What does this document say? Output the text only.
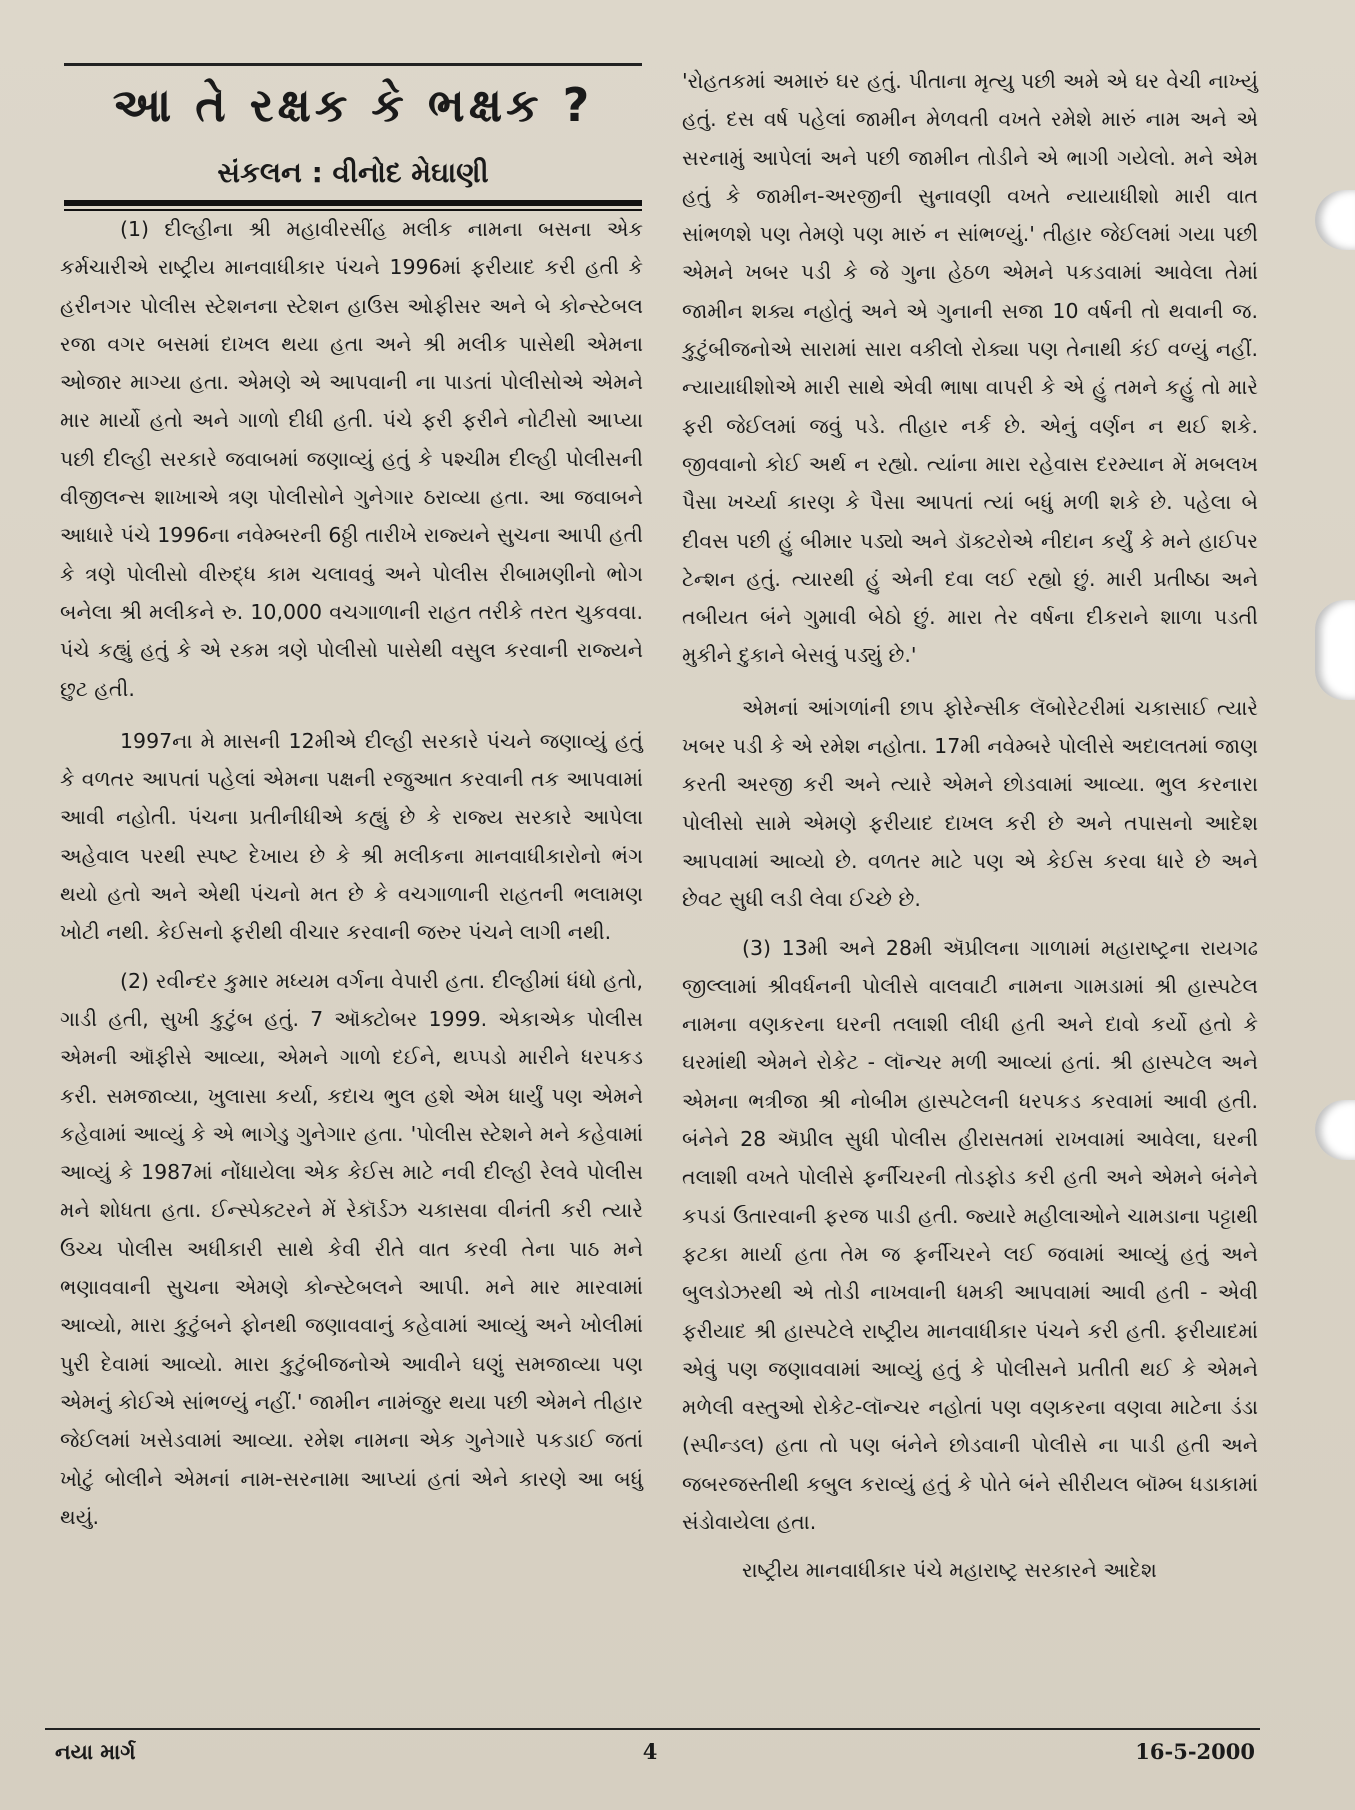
આ તે રક્ષક કે ભક્ષક ?
સંકલન : વીનોદ મેઘાણી

(1) દીલ્હીના શ્રી મહાવીરસીંહ મલીક નામના બસના એક કર્મચારીએ રાષ્ટ્રીય માનવાધીકાર પંચને 1996માં ફરીયાદ કરી હતી કે હરીનગર પોલીસ સ્ટેશનના સ્ટેશન હાઉસ ઓફીસર અને બે કોન્સ્ટેબલ રજા વગર બસમાં દાખલ થયા હતા અને શ્રી મલીક પાસેથી એમના ઓજાર માગ્યા હતા. એમણે એ આપવાની ના પાડતાં પોલીસોએ એમને માર માર્યો હતો અને ગાળો દીધી હતી. પંચે ફરી ફરીને નોટીસો આપ્યા પછી દીલ્હી સરકારે જવાબમાં જણાવ્યું હતું કે પશ્ચીમ દીલ્હી પોલીસની વીજીલન્સ શાખાએ ત્રણ પોલીસોને ગુનેગાર ઠરાવ્યા હતા. આ જવાબને આધારે પંચે 1996ના નવેમ્બરની 6ઠ્ઠી તારીખે રાજ્યને સુચના આપી હતી કે ત્રણે પોલીસો વીરુદ્ધ કામ ચલાવવું અને પોલીસ રીબામણીનો ભોગ બનેલા શ્રી મલીકને રુ. 10,000 વચગાળાની રાહત તરીકે તરત ચુકવવા. પંચે કહ્યું હતું કે એ રકમ ત્રણે પોલીસો પાસેથી વસુલ કરવાની રાજ્યને છુટ હતી.

1997ના મે માસની 12મીએ દીલ્હી સરકારે પંચને જણાવ્યું હતું કે વળતર આપતાં પહેલાં એમના પક્ષની રજુઆત કરવાની તક આપવામાં આવી નહોતી. પંચના પ્રતીનીધીએ કહ્યું છે કે રાજ્ય સરકારે આપેલા અહેવાલ પરથી સ્પષ્ટ દેખાય છે કે શ્રી મલીકના માનવાધીકારોનો ભંગ થયો હતો અને એથી પંચનો મત છે કે વચગાળાની રાહતની ભલામણ ખોટી નથી. કેઈસનો ફરીથી વીચાર કરવાની જરુર પંચને લાગી નથી.

(2) રવીન્દર કુમાર મધ્યમ વર્ગના વેપારી હતા. દીલ્હીમાં ધંધો હતો, ગાડી હતી, સુખી કુટુંબ હતું. 7 ઑક્ટોબર 1999. એકાએક પોલીસ એમની ઑફીસે આવ્યા, એમને ગાળો દઈને, થપ્પડો મારીને ધરપકડ કરી. સમજાવ્યા, ખુલાસા કર્યા, કદાચ ભુલ હશે એમ ધાર્યું પણ એમને કહેવામાં આવ્યું કે એ ભાગેડુ ગુનેગાર હતા. 'પોલીસ સ્ટેશને મને કહેવામાં આવ્યું કે 1987માં નોંધાયેલા એક કેઈસ માટે નવી દીલ્હી રેલવે પોલીસ મને શોધતા હતા. ઈન્સ્પેક્ટરને મેં રેકૉર્ડઝ ચકાસવા વીનંતી કરી ત્યારે ઉચ્ચ પોલીસ અધીકારી સાથે કેવી રીતે વાત કરવી તેના પાઠ મને ભણાવવાની સુચના એમણે કોન્સ્ટેબલને આપી. મને માર મારવામાં આવ્યો, મારા કુટુંબને ફોનથી જણાવવાનું કહેવામાં આવ્યું અને ખોલીમાં પુરી દેવામાં આવ્યો. મારા કુટુંબીજનોએ આવીને ઘણું સમજાવ્યા પણ એમનું કોઈએ સાંભળ્યું નહીં.' જામીન નામંજુર થયા પછી એમને તીહાર જેઈલમાં ખસેડવામાં આવ્યા. રમેશ નામના એક ગુનેગારે પકડાઈ જતાં ખોટું બોલીને એમનાં નામ-સરનામા આપ્યાં હતાં એને કારણે આ બધું થયું.

'રોહતકમાં અમારું ઘર હતું. પીતાના મૃત્યુ પછી અમે એ ઘર વેચી નાખ્યું હતું. દસ વર્ષ પહેલાં જામીન મેળવતી વખતે રમેશે મારું નામ અને એ સરનામું આપેલાં અને પછી જામીન તોડીને એ ભાગી ગયેલો. મને એમ હતું કે જામીન-અરજીની સુનાવણી વખતે ન્યાયાધીશો મારી વાત સાંભળશે પણ તેમણે પણ મારું ન સાંભળ્યું.' તીહાર જેઈલમાં ગયા પછી એમને ખબર પડી કે જે ગુના હેઠળ એમને પકડવામાં આવેલા તેમાં જામીન શક્ય નહોતું અને એ ગુનાની સજા 10 વર્ષની તો થવાની જ. કુટુંબીજનોએ સારામાં સારા વકીલો રોક્યા પણ તેનાથી કંઈ વળ્યું નહીં. ન્યાયાધીશોએ મારી સાથે એવી ભાષા વાપરી કે એ હું તમને કહું તો મારે ફરી જેઈલમાં જવું પડે. તીહાર નર્ક છે. એનું વર્ણન ન થઈ શકે. જીવવાનો કોઈ અર્થ ન રહ્યો. ત્યાંના મારા રહેવાસ દરમ્યાન મેં મબલખ પૈસા ખર્ચ્યા કારણ કે પૈસા આપતાં ત્યાં બધું મળી શકે છે. પહેલા બે દીવસ પછી હું બીમાર પડ્યો અને ડૉક્ટરોએ નીદાન કર્યું કે મને હાઈપર ટેન્શન હતું. ત્યારથી હું એની દવા લઈ રહ્યો છું. મારી પ્રતીષ્ઠા અને તબીયત બંને ગુમાવી બેઠો છું. મારા તેર વર્ષના દીકરાને શાળા પડતી મુકીને દુકાને બેસવું પડ્યું છે.'

એમનાં આંગળાંની છાપ ફોરેન્સીક લૅબોરેટરીમાં ચકાસાઈ ત્યારે ખબર પડી કે એ રમેશ નહોતા. 17મી નવેમ્બરે પોલીસે અદાલતમાં જાણ કરતી અરજી કરી અને ત્યારે એમને છોડવામાં આવ્યા. ભુલ કરનારા પોલીસો સામે એમણે ફરીયાદ દાખલ કરી છે અને તપાસનો આદેશ આપવામાં આવ્યો છે. વળતર માટે પણ એ કેઈસ કરવા ધારે છે અને છેવટ સુધી લડી લેવા ઈચ્છે છે.

(3) 13મી અને 28મી ઍપ્રીલના ગાળામાં મહારાષ્ટ્રના રાયગઢ જીલ્લામાં શ્રીવર્ધનની પોલીસે વાલવાટી નામના ગામડામાં શ્રી હાસ્પટેલ નામના વણકરના ઘરની તલાશી લીધી હતી અને દાવો કર્યો હતો કે ઘરમાંથી એમને રોકેટ - લૉન્ચર મળી આવ્યાં હતાં. શ્રી હાસ્પટેલ અને એમના ભત્રીજા શ્રી નોબીમ હાસ્પટેલની ધરપકડ કરવામાં આવી હતી. બંનેને 28 ઍપ્રીલ સુધી પોલીસ હીરાસતમાં રાખવામાં આવેલા, ઘરની તલાશી વખતે પોલીસે ફર્નીચરની તોડફોડ કરી હતી અને એમને બંનેને કપડાં ઉતારવાની ફરજ પાડી હતી. જ્યારે મહીલાઓને ચામડાના પટ્ટાથી ફટકા માર્યા હતા તેમ જ ફર્નીચરને લઈ જવામાં આવ્યું હતું અને બુલડોઝરથી એ તોડી નાખવાની ધમકી આપવામાં આવી હતી - એવી ફરીયાદ શ્રી હાસ્પટેલે રાષ્ટ્રીય માનવાધીકાર પંચને કરી હતી. ફરીયાદમાં એવું પણ જણાવવામાં આવ્યું હતું કે પોલીસને પ્રતીતી થઈ કે એમને મળેલી વસ્તુઓ રોકેટ-લૉન્ચર નહોતાં પણ વણકરના વણવા માટેના ડંડા (સ્પીન્ડલ) હતા તો પણ બંનેને છોડવાની પોલીસે ના પાડી હતી અને જબરજસ્તીથી કબુલ કરાવ્યું હતું કે પોતે બંને સીરીયલ બૉમ્બ ધડાકામાં સંડોવાયેલા હતા.

રાષ્ટ્રીય માનવાધીકાર પંચે મહારાષ્ટ્ર સરકારને આદેશ

નયા માર્ગ	4	16-5-2000
